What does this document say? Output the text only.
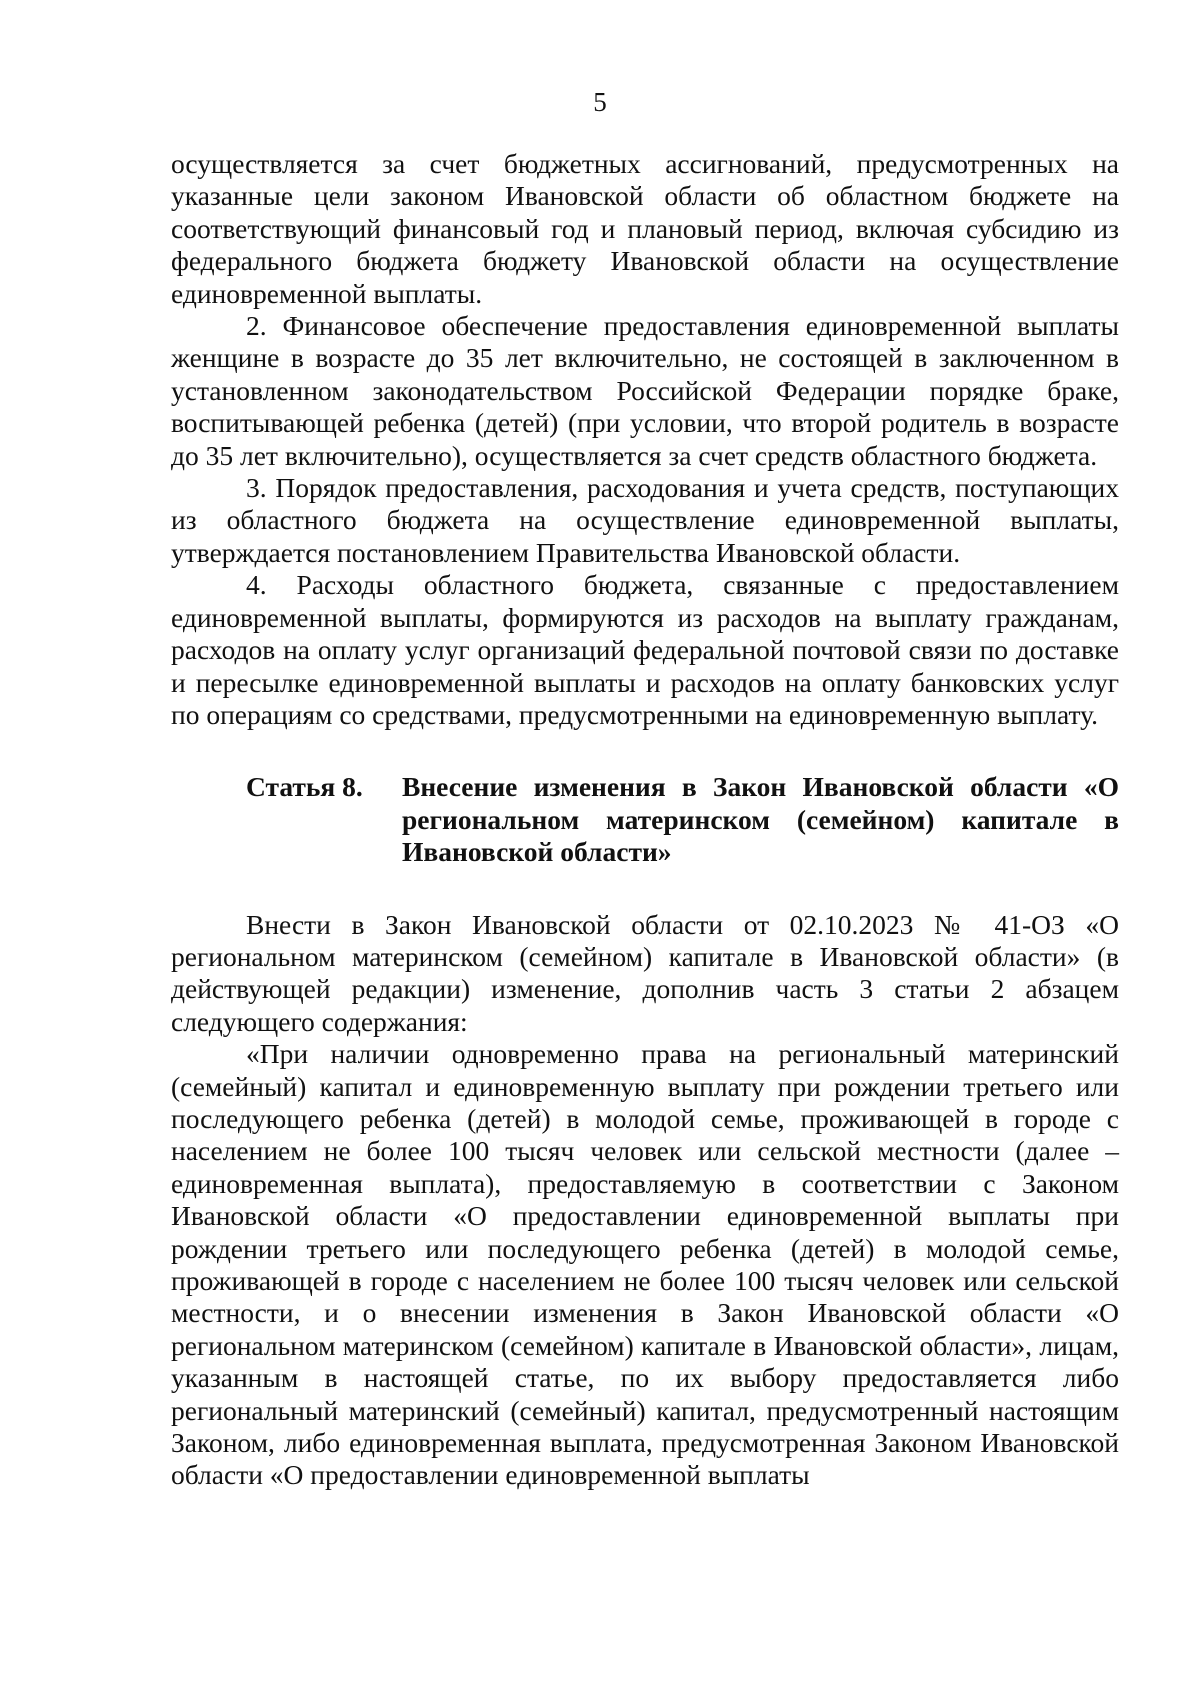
5

осуществляется за счет бюджетных ассигнований, предусмотренных на указанные цели законом Ивановской области об областном бюджете на соответствующий финансовый год и плановый период, включая субсидию из федерального бюджета бюджету Ивановской области на осуществление единовременной выплаты.

2. Финансовое обеспечение предоставления единовременной выплаты женщине в возрасте до 35 лет включительно, не состоящей в заключенном в установленном законодательством Российской Федерации порядке браке, воспитывающей ребенка (детей) (при условии, что второй родитель в возрасте до 35 лет включительно), осуществляется за счет средств областного бюджета.

3. Порядок предоставления, расходования и учета средств, поступающих из областного бюджета на осуществление единовременной выплаты, утверждается постановлением Правительства Ивановской области.

4. Расходы областного бюджета, связанные с предоставлением единовременной выплаты, формируются из расходов на выплату гражданам, расходов на оплату услуг организаций федеральной почтовой связи по доставке и пересылке единовременной выплаты и расходов на оплату банковских услуг по операциям со средствами, предусмотренными на единовременную выплату.

Статья 8.	Внесение изменения в Закон Ивановской области «О региональном материнском (семейном) капитале в Ивановской области»

Внести в Закон Ивановской области от 02.10.2023 № 41-ОЗ «О региональном материнском (семейном) капитале в Ивановской области» (в действующей редакции) изменение, дополнив часть 3 статьи 2 абзацем следующего содержания:

«При наличии одновременно права на региональный материнский (семейный) капитал и единовременную выплату при рождении третьего или последующего ребенка (детей) в молодой семье, проживающей в городе с населением не более 100 тысяч человек или сельской местности (далее – единовременная выплата), предоставляемую в соответствии с Законом Ивановской области «О предоставлении единовременной выплаты при рождении третьего или последующего ребенка (детей) в молодой семье, проживающей в городе с населением не более 100 тысяч человек или сельской местности, и о внесении изменения в Закон Ивановской области «О региональном материнском (семейном) капитале в Ивановской области», лицам, указанным в настоящей статье, по их выбору предоставляется либо региональный материнский (семейный) капитал, предусмотренный настоящим Законом, либо единовременная выплата, предусмотренная Законом Ивановской области «О предоставлении единовременной выплаты
